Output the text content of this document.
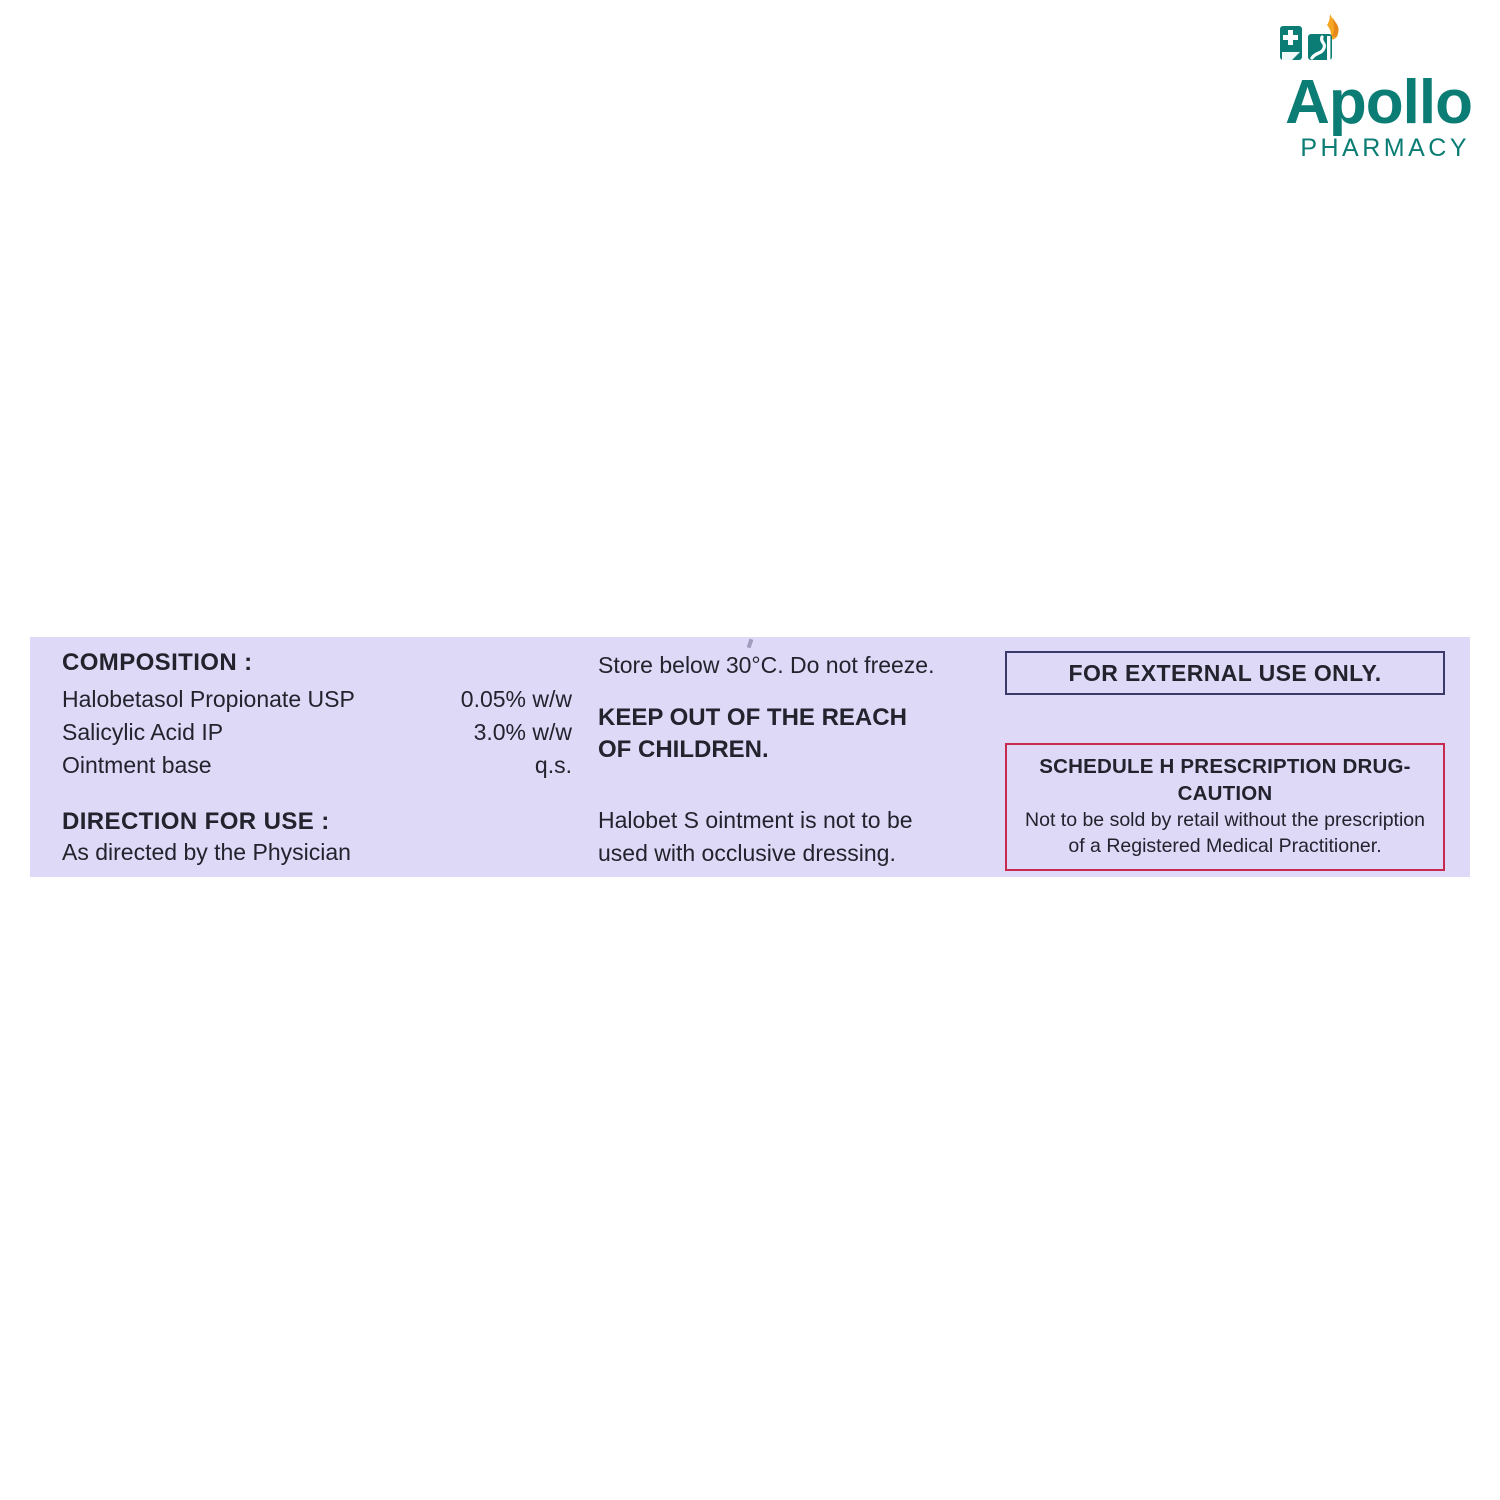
Apollo
PHARMACY
COMPOSITION :
Halobetasol Propionate USP	0.05% w/w
Salicylic Acid IP	3.0% w/w
Ointment base	q.s.
DIRECTION FOR USE :
As directed by the Physician
Store below 30°C. Do not freeze.
KEEP OUT OF THE REACH
OF CHILDREN.
Halobet S ointment is not to be
used with occlusive dressing.
FOR EXTERNAL USE ONLY.
SCHEDULE H PRESCRIPTION DRUG-CAUTION
Not to be sold by retail without the prescription
of a Registered Medical Practitioner.
